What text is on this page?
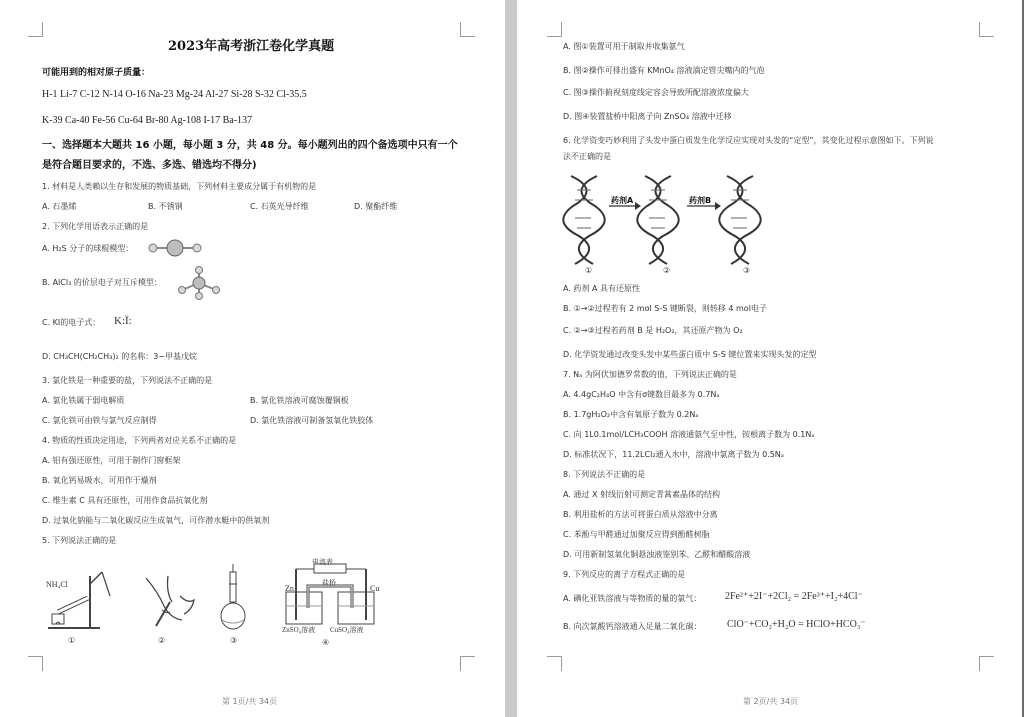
2023年高考浙江卷化学真题
可能用到的相对原子质量：
H-1 Li-7 C-12 N-14 O-16 Na-23 Mg-24 Al-27 Si-28 S-32 Cl-35.5
K-39 Ca-40 Fe-56 Cu-64 Br-80 Ag-108 I-17 Ba-137
一、选择题本大题共 16 小题，每小题 3 分，共 48 分。每小题列出的四个备选项中只有一个
是符合题目要求的，不选、多选、错选均不得分)
1. 材料是人类赖以生存和发展的物质基础，下列材料主要成分属于有机物的是
A. 石墨烯	B. 不锈钢	C. 石英光导纤维	D. 聚酯纤维
2. 下列化学用语表示正确的是
A. H₂S 分子的球棍模型：
B. AlCl₃ 的价层电子对互斥模型：
C. KI的电子式： K:Ï:
D. CH₃CH(CH₂CH₃)₂ 的名称：3−甲基戊烷
3. 氯化铁是一种重要的盐，下列说法不正确的是
A. 氯化铁属于弱电解质	B. 氯化铁溶液可腐蚀覆铜板
C. 氯化铁可由铁与氯气反应制得	D. 氯化铁溶液可制备氢氧化铁胶体
4. 物质的性质决定用途，下列两者对应关系不正确的是
A. 铝有强还原性，可用于制作门窗框架
B. 氧化钙易吸水，可用作干燥剂
C. 维生素 C 具有还原性，可用作食品抗氧化剂
D. 过氧化钠能与二氧化碳反应生成氧气，可作潜水艇中的供氧剂
5. 下列说法正确的是
NH₄Cl
①	②	③
电流表
盐桥
Zn	Cu
ZnSO₄溶液 CuSO₄溶液
④
第 1页/共 34页
A. 图①装置可用于制取并收集氨气
B. 图②操作可排出盛有 KMnO₄ 溶液滴定管尖嘴内的气泡
C. 图③操作俯视刻度线定容会导致所配溶液浓度偏大
D. 图④装置盐桥中阳离子向 ZnSO₄ 溶液中迁移
6. 化学资变巧妙利用了头发中蛋白质发生化学反应实现对头发的“定型”，其变化过程示意图如下。下列说
法不正确的是
药剂A	药剂B
①	②	③
A. 药剂 A 具有还原性
B. ①→②过程若有 2 mol S-S 键断裂，则转移 4 mol电子
C. ②→③过程若药剂 B 是 H₂O₂，其还原产物为 O₂
D. 化学资发通过改变头发中某些蛋白质中 S-S 键位置来实现头发的定型
7. Nₐ 为阿伏加德罗常数的值，下列说法正确的是
A. 4.4gC₂H₄O 中含有σ键数目最多为 0.7Nₐ
B. 1.7gH₂O₂中含有氧原子数为 0.2Nₐ
C. 向 1L0.1mol/LCH₃COOH 溶液通氨气至中性，铵根离子数为 0.1Nₐ
D. 标准状况下，11.2LCl₂通入水中，溶液中氯离子数为 0.5Nₐ
8. 下列说法不正确的是
A. 通过 X 射线衍射可测定青蒿素晶体的结构
B. 利用盐析的方法可将蛋白质从溶液中分离
C. 苯酚与甲醛通过加聚反应得到酚醛树脂
D. 可用新制氢氧化铜悬浊液鉴别苯、乙醛和醋酸溶液
9. 下列反应的离子方程式正确的是
A. 碘化亚铁溶液与等物质的量的氯气： 2Fe²⁺+2I⁻+2Cl₂ = 2Fe³⁺+I₂+4Cl⁻
B. 向次氯酸钙溶液通入足量二氧化碳：	ClO⁻+CO₂+H₂O = HClO+HCO₃⁻
第 2页/共 34页
